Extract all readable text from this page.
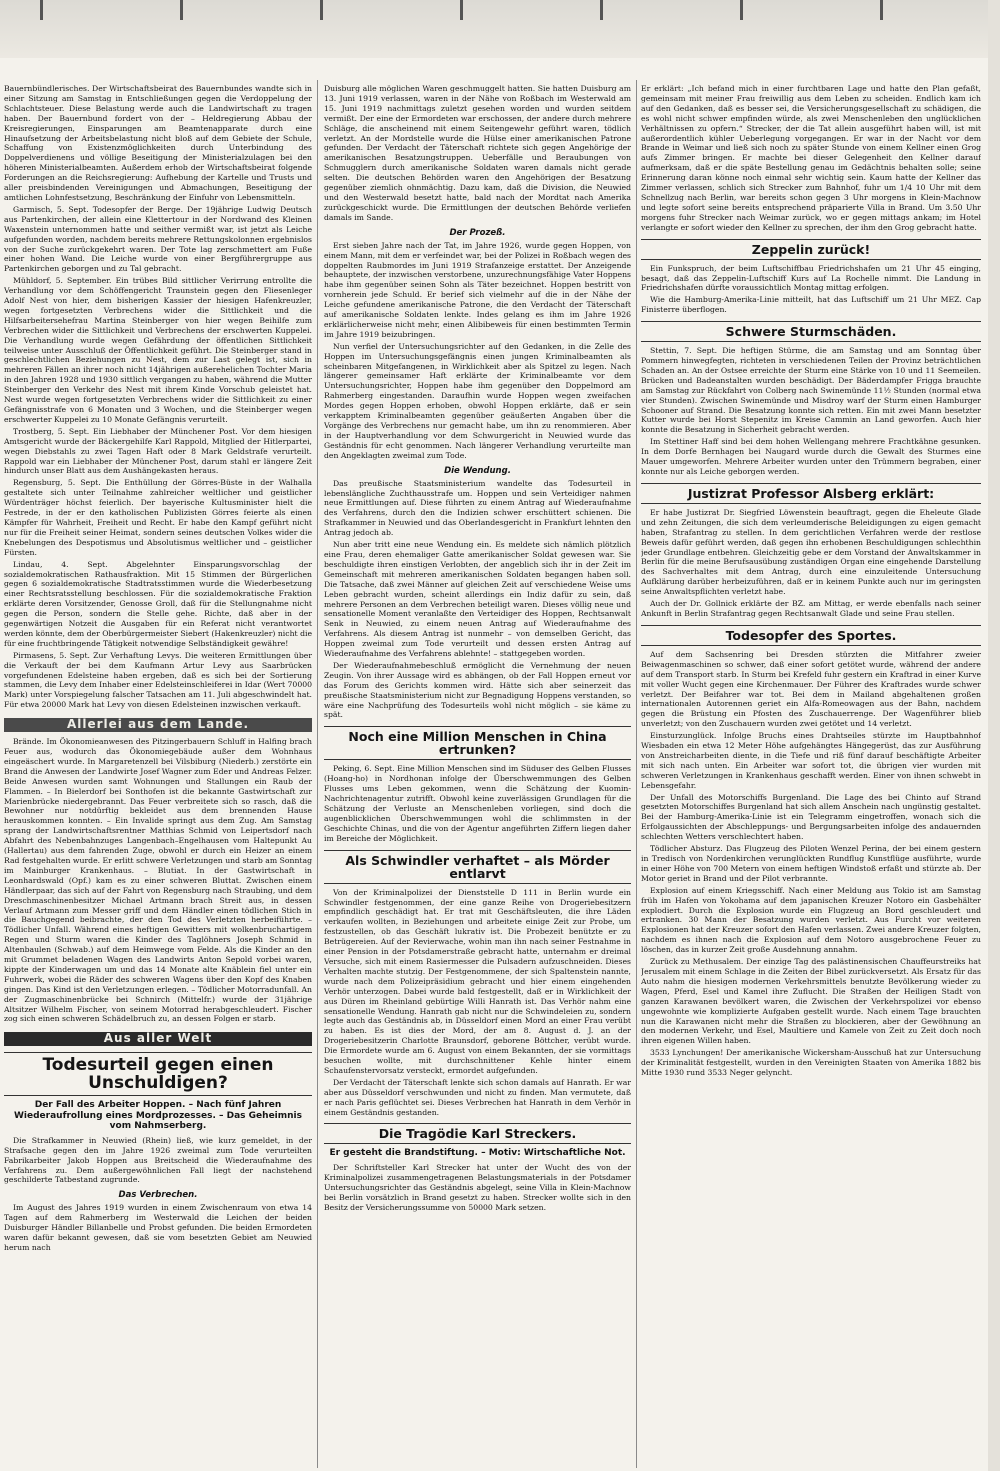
Bauernbündlerisches. Der Wirtschaftsbeirat des Bauernbundes wandte sich in einer Sitzung am Samstag in Entschließungen gegen die Verdoppelung der Schlachtsteuer. Diese Belastung werde auch die Landwirtschaft zu tragen haben. Der Bauernbund fordert von der – Heldregierung Abbau der Kreisregierungen, Einsparungen am Beamtenapparate durch eine Hinaufsetzung der Arbeitsbelastung nicht bloß auf dem Gebiete der Schule, Schaffung von Existenzmöglichkeiten durch Unterbindung des Doppelverdienens und völlige Beseitigung der Ministerialzulagen bei den höheren Ministerialbeamten. Außerdem erhob der Wirtschaftsbeirat folgende Forderungen an die Reichsregierung: Aufhebung der Kartelle und Trusts und aller preisbindenden Vereinigungen und Abmachungen, Beseitigung der amtlichen Lohnfestsetzung, Beschränkung der Einfuhr von Lebensmitteln.

Garmisch, 5. Sept. Todesopfer der Berge. Der 19jährige Ludwig Deutsch aus Partenkirchen, der allein eine Klettertour in der Nordwand des Kleinen Waxenstein unternommen hatte und seither vermißt war, ist jetzt als Leiche aufgefunden worden, nachdem bereits mehrere Rettungskolonnen ergebnislos von der Suche zurückgekehrt waren. Der Tote lag zerschmettert am Fuße einer hohen Wand. Die Leiche wurde von einer Bergführergruppe aus Partenkirchen geborgen und zu Tal gebracht.

Mühldorf, 5. September. Ein trübes Bild sittlicher Verirrung entrollte die Verhandlung vor dem Schöffengericht Traunstein gegen den Fliesenleger Adolf Nest von hier, dem bisherigen Kassier der hiesigen Hafenkreuzler, wegen fortgesetzten Verbrechens wider die Sittlichkeit und die Hilfsarbeitersehefrau Martina Steinberger von hier wegen Beihilfe zum Verbrechen wider die Sittlichkeit und Verbrechens der erschwerten Kuppelei. Die Verhandlung wurde wegen Gefährdung der öffentlichen Sittlichkeit teilweise unter Ausschluß der Öffentlichkeit geführt. Die Steinberger stand in geschlechtlichen Beziehungen zu Nest, dem zur Last gelegt ist, sich in mehreren Fällen an ihrer noch nicht 14jährigen außerehelichen Tochter Maria in den Jahren 1928 und 1930 sittlich vergangen zu haben, während die Mutter Steinberger den Verkehr des Nest mit ihrem Kinde Vorschub geleistet hat. Nest wurde wegen fortgesetzten Verbrechens wider die Sittlichkeit zu einer Gefängnisstrafe von 6 Monaten und 3 Wochen, und die Steinberger wegen erschwerter Kuppelei zu 10 Monate Gefängnis verurteilt.

Trostberg, 5. Sept. Ein Liebhaber der Münchener Post. Vor dem hiesigen Amtsgericht wurde der Bäckergehilfe Karl Rappold, Mitglied der Hitlerpartei, wegen Diebstahls zu zwei Tagen Haft oder 8 Mark Geldstrafe verurteilt. Rappold war ein Liebhaber der Münchener Post, darum stahl er längere Zeit hindurch unser Blatt aus dem Aushängekasten heraus.

Regensburg, 5. Sept. Die Enthüllung der Görres-Büste in der Walhalla gestaltete sich unter Teilnahme zahlreicher weltlicher und geistlicher Würdenträger höchst feierlich. Der bayerische Kultusminister hielt die Festrede, in der er den katholischen Publizisten Görres feierte als einen Kämpfer für Wahrheit, Freiheit und Recht. Er habe den Kampf geführt nicht nur für die Freiheit seiner Heimat, sondern seines deutschen Volkes wider die Knebelungen des Despotismus und Absolutismus weltlicher und – geistlicher Fürsten.

Lindau, 4. Sept. Abgelehnter Einsparungsvorschlag der sozialdemokratischen Rathausfraktion. Mit 15 Stimmen der Bürgerlichen gegen 6 sozialdemokratische Stadtratsstimmen wurde die Wiederbesetzung einer Rechtsratsstellung beschlossen. Für die sozialdemokratische Fraktion erklärte deren Vorsitzender, Genosse Groll, daß für die Stellungnahme nicht gegen die Person, sondern die Stelle gehe. Richte, daß aber in der gegenwärtigen Notzeit die Ausgaben für ein Referat nicht verantwortet werden könnte, dem der Oberbürgermeister Siebert (Hakenkreuzler) nicht die für eine fruchtbringende Tätigkeit notwendige Selbständigkeit gewähre!

Pirmasens, 5. Sept. Zur Verhaftung Levys. Die weiteren Ermittlungen über die Verkauft der bei dem Kaufmann Artur Levy aus Saarbrücken vorgefundenen Edelsteine haben ergeben, daß es sich bei der Sortierung stammen, die Levy dem Inhaber einer Edelsteinschleiferei in Idar (Wert 70000 Mark) unter Vorspiegelung falscher Tatsachen am 11. Juli abgeschwindelt hat. Für etwa 20000 Mark hat Levy von diesen Edelsteinen inzwischen verkauft.

Allerlei aus dem Lande.

Brände. Im Ökonomieanwesen des Pitzingerbauern Schluff in Halfing brach Feuer aus, wodurch das Ökonomiegebäude außer dem Wohnhaus eingeäschert wurde. In Margaretenzell bei Vilsbiburg (Niederb.) zerstörte ein Brand die Anwesen der Landwirte Josef Wagner zum Eder und Andreas Felzer. Beide Anwesen wurden samt Wohnungen und Stallungen ein Raub der Flammen. – In Bielerdorf bei Sonthofen ist die bekannte Gastwirtschaft zur Marienbrücke niedergebrannt. Das Feuer verbreitete sich so rasch, daß die Bewohner nur notdürftig bekleidet aus dem brennenden Hause herauskommen konnten. – Ein Invalide springt aus dem Zug. Am Samstag sprang der Landwirtschaftsrentner Matthias Schmid von Leipertsdorf nach Abfahrt des Nebenbahnzuges Langenbach–Engelhausen vom Haltepunkt Au (Hallertau) aus dem fahrenden Zuge, obwohl er durch ein Heizer an einem Rad festgehalten wurde. Er erlitt schwere Verletzungen und starb am Sonntag im Mainburger Krankenhaus. – Blutiat. In der Gastwirtschaft in Leonhardswald (Opf.) kam es zu einer schweren Bluttat. Zwischen einem Händlerpaar, das sich auf der Fahrt von Regensburg nach Straubing, und dem Dreschmaschinenbesitzer Michael Artmann brach Streit aus, in dessen Verlauf Artmann zum Messer griff und dem Händler einen tödlichen Stich in die Bauchgegend beibrachte, der den Tod des Verletzten herbeiführte. – Tödlicher Unfall. Während eines heftigen Gewitters mit wolkenbruchartigem Regen und Sturm waren die Kinder des Taglöhners Joseph Schmid in Altenbaulen (Schwab.) auf dem Heimwege vom Felde. Als die Kinder an den mit Grummet beladenen Wagen des Landwirts Anton Sepold vorbei waren, kippte der Kinderwagen um und das 14 Monate alte Knäblein fiel unter ein Fuhrwerk, wobei die Räder des schweren Wagens über den Kopf des Knaben gingen. Das Kind ist den Verletzungen erlegen. – Tödlicher Motorradunfall. An der Zugmaschinenbrücke bei Schnirch (Mittelfr.) wurde der 31jährige Altsitzer Wilhelm Fischer, von seinem Motorrad herabgeschleudert. Fischer zog sich einen schweren Schädelbruch zu, an dessen Folgen er starb.

Aus aller Welt
Todesurteil gegen einen Unschuldigen?
Der Fall des Arbeiter Hoppen. – Nach fünf Jahren Wiederaufrollung eines Mordprozesses. – Das Geheimnis vom Nahmserberg.

Die Strafkammer in Neuwied (Rhein) ließ, wie kurz gemeldet, in der Strafsache gegen den im Jahre 1926 zweimal zum Tode verurteilten Fabrikarbeiter Jakob Hoppen aus Breitscheid die Wiederaufnahme des Verfahrens zu. Dem außergewöhnlichen Fall liegt der nachstehend geschilderte Tatbestand zugrunde.

Das Verbrechen.

Im August des Jahres 1919 wurden in einem Zwischenraum von etwa 14 Tagen auf dem Rahmerberg im Westerwald die Leichen der beiden Duisburger Händler Billanbelle und Probst gefunden. Die beiden Ermordeten waren dafür bekannt gewesen, daß sie vom besetzten Gebiet am Neuwied herum nach

Duisburg alle möglichen Waren geschmuggelt hatten. Sie hatten Duisburg am 13. Juni 1919 verlassen, waren in der Nähe von Roßbach im Westerwald am 15. Juni 1919 nachmittags zuletzt gesehen worden und wurden seitdem vermißt. Der eine der Ermordeten war erschossen, der andere durch mehrere Schläge, die anscheinend mit einem Seitengewehr geführt waren, tödlich verletzt. An der Mordstelle wurde die Hülse einer amerikanischen Patrone gefunden. Der Verdacht der Täterschaft richtete sich gegen Angehörige der amerikanischen Besatzungstruppen. Ueberfälle und Beraubungen von Schmugglern durch amerikanische Soldaten waren damals nicht gerade selten. Die deutschen Behörden waren den Angehörigen der Besatzung gegenüber ziemlich ohnmächtig. Dazu kam, daß die Division, die Neuwied und den Westerwald besetzt hatte, bald nach der Mordtat nach Amerika zurückgeschickt wurde. Die Ermittlungen der deutschen Behörde verliefen damals im Sande.

Der Prozeß.

Erst sieben Jahre nach der Tat, im Jahre 1926, wurde gegen Hoppen, von einem Mann, mit dem er verfeindet war, bei der Polizei in Roßbach wegen des doppelten Raubmordes im Juni 1919 Strafanzeige erstattet. Der Anzeigende behauptete, der inzwischen verstorbene, unzurechnungsfähige Vater Hoppens habe ihm gegenüber seinen Sohn als Täter bezeichnet. Hoppen bestritt von vornherein jede Schuld. Er berief sich vielmehr auf die in der Nähe der Leiche gefundene amerikanische Patrone, die den Verdacht der Täterschaft auf amerikanische Soldaten lenkte. Indes gelang es ihm im Jahre 1926 erklärlicherweise nicht mehr, einen Alibibeweis für einen bestimmten Termin im Jahre 1919 beizubringen.

Nun verfiel der Untersuchungsrichter auf den Gedanken, in die Zelle des Hoppen im Untersuchungsgefängnis einen jungen Kriminalbeamten als scheinbaren Mitgefangenen, in Wirklichkeit aber als Spitzel zu legen. Nach längerer gemeinsamer Haft erklärte der Kriminalbeamte vor dem Untersuchungsrichter, Hoppen habe ihm gegenüber den Doppelmord am Rahmerberg eingestanden. Daraufhin wurde Hoppen wegen zweifachen Mordes gegen Hoppen erhoben, obwohl Hoppen erklärte, daß er sein verkapptem Kriminalbeamten gegenüber geäußerten Angaben über die Vorgänge des Verbrechens nur gemacht habe, um ihn zu renommieren. Aber in der Hauptverhandlung vor dem Schwurgericht in Neuwied wurde das Geständnis für echt genommen. Nach längerer Verhandlung verurteilte man den Angeklagten zweimal zum Tode.

Die Wendung.

Das preußische Staatsministerium wandelte das Todesurteil in lebenslängliche Zuchthausstrafe um. Hoppen und sein Verteidiger nahmen neue Ermittlungen auf. Diese führten zu einem Antrag auf Wiederaufnahme des Verfahrens, durch den die Indizien schwer erschüttert schienen. Die Strafkammer in Neuwied und das Oberlandesgericht in Frankfurt lehnten den Antrag jedoch ab.

Nun aber tritt eine neue Wendung ein. Es meldete sich nämlich plötzlich eine Frau, deren ehemaliger Gatte amerikanischer Soldat gewesen war. Sie beschuldigte ihren einstigen Verlobten, der angeblich sich ihr in der Zeit im Gemeinschaft mit mehreren amerikanischen Soldaten begangen haben soll. Die Tatsache, daß zwei Männer auf gleichen Zeit auf verschiedene Weise ums Leben gebracht wurden, scheint allerdings ein Indiz dafür zu sein, daß mehrere Personen an dem Verbrechen beteiligt waren. Dieses völlig neue und sensationelle Moment veranlaßte den Verteidiger des Hoppen, Rechtsanwalt Senk in Neuwied, zu einem neuen Antrag auf Wiederaufnahme des Verfahrens. Als diesem Antrag ist nunmehr – von demselben Gericht, das Hoppen zweimal zum Tode verurteilt und dessen ersten Antrag auf Wiederaufnahme des Verfahrens ablehnte! – stattgegeben worden.

Der Wiederaufnahmebeschluß ermöglicht die Vernehmung der neuen Zeugin. Von ihrer Aussage wird es abhängen, ob der Fall Hoppen erneut vor das Forum des Gerichts kommen wird. Hätte sich aber seinerzeit das preußische Staatsministerium nicht zur Begnadigung Hoppens verstanden, so wäre eine Nachprüfung des Todesurteils wohl nicht möglich – sie käme zu spät.

Noch eine Million Menschen in China ertrunken?

Peking, 6. Sept. Eine Million Menschen sind im Süduser des Gelben Flusses (Hoang-ho) in Nordhonan infolge der Überschwemmungen des Gelben Flusses ums Leben gekommen, wenn die Schätzung der Kuomin-Nachrichtenagentur zutrifft. Obwohl keine zuverlässigen Grundlagen für die Schätzung der Verluste an Menschenleben vorliegen, sind doch die augenblicklichen Überschwemmungen wohl die schlimmsten in der Geschichte Chinas, und die von der Agentur angeführten Ziffern liegen daher im Bereiche der Möglichkeit.

Als Schwindler verhaftet – als Mörder entlarvt

Von der Kriminalpolizei der Dienststelle D 111 in Berlin wurde ein Schwindler festgenommen, der eine ganze Reihe von Drogeriebesitzern empfindlich geschädigt hat. Er trat mit Geschäftsleuten, die ihre Läden verkaufen wollten, in Beziehungen und arbeitete einige Zeit zur Probe, um festzustellen, ob das Geschäft lukrativ ist. Die Probezeit benützte er zu Betrügereien. Auf der Revierwache, wohin man ihn nach seiner Festnahme in einer Pension in der Potsdamerstraße gebracht hatte, unternahm er dreimal Versuche, sich mit einem Rasiermesser die Pulsadern aufzuschneiden. Dieses Verhalten machte stutzig. Der Festgenommene, der sich Spaltenstein nannte, wurde nach dem Polizeipräsidium gebracht und hier einem eingehenden Verhör unterzogen. Dabei wurde bald festgestellt, daß er in Wirklichkeit der aus Düren im Rheinland gebürtige Willi Hanrath ist. Das Verhör nahm eine sensationelle Wendung. Hanrath gab nicht nur die Schwindeleien zu, sondern legte auch das Geständnis ab, in Düsseldorf einen Mord an einer Frau verübt zu haben. Es ist dies der Mord, der am 8. August d. J. an der Drogeriebesitzerin Charlotte Braunsdorf, geborene Böttcher, verübt wurde. Die Ermordete wurde am 6. August von einem Bekannten, der sie vormittags besuchen wollte, mit durchschnittener Kehle hinter einem Schaufenstervorsatz versteckt, ermordet aufgefunden.

Der Verdacht der Täterschaft lenkte sich schon damals auf Hanrath. Er war aber aus Düsseldorf verschwunden und nicht zu finden. Man vermutete, daß er nach Paris geflüchtet sei. Dieses Verbrechen hat Hanrath in dem Verhör in einem Geständnis gestanden.

Die Tragödie Karl Streckers.
Er gesteht die Brandstiftung. – Motiv: Wirtschaftliche Not.

Der Schriftsteller Karl Strecker hat unter der Wucht des von der Kriminalpolizei zusammengetragenen Belastungsmaterials in der Potsdamer Untersuchungsrichter das Geständnis abgelegt, seine Villa in Klein-Machnow bei Berlin vorsätzlich in Brand gesetzt zu haben. Strecker wollte sich in den Besitz der Versicherungssumme von 50000 Mark setzen.

Er erklärt: „Ich befand mich in einer furchtbaren Lage und hatte den Plan gefaßt, gemeinsam mit meiner Frau freiwillig aus dem Leben zu scheiden. Endlich kam ich auf den Gedanken, daß es besser sei, die Versicherungsgesellschaft zu schädigen, die es wohl nicht schwer empfinden würde, als zwei Menschenleben den unglücklichen Verhältnissen zu opfern.“ Strecker, der die Tat allein ausgeführt haben will, ist mit außerordentlich kühler Ueberlegung vorgegangen. Er war in der Nacht vor dem Brande in Weimar und ließ sich noch zu später Stunde von einem Kellner einen Grog aufs Zimmer bringen. Er machte bei dieser Gelegenheit den Kellner darauf aufmerksam, daß er die späte Bestellung genau im Gedächtnis behalten solle; seine Erinnerung daran könne noch einmal sehr wichtig sein. Kaum hatte der Kellner das Zimmer verlassen, schlich sich Strecker zum Bahnhof, fuhr um 1/4 10 Uhr mit dem Schnellzug nach Berlin, war bereits schon gegen 3 Uhr morgens in Klein-Machnow und legte sofort seine bereits entsprechend präparierte Villa in Brand. Um 3.50 Uhr morgens fuhr Strecker nach Weimar zurück, wo er gegen mittags ankam; im Hotel verlangte er sofort wieder den Kellner zu sprechen, der ihm den Grog gebracht hatte.

Zeppelin zurück!

Ein Funkspruch, der beim Luftschiffbau Friedrichshafen um 21 Uhr 45 einging, besagt, daß das Zeppelin-Luftschiff Kurs auf La Rochelle nimmt. Die Landung in Friedrichshafen dürfte voraussichtlich Montag mittag erfolgen.

Wie die Hamburg-Amerika-Linie mitteilt, hat das Luftschiff um 21 Uhr MEZ. Cap Finisterre überflogen.

Schwere Sturmschäden.

Stettin, 7. Sept. Die heftigen Stürme, die am Samstag und am Sonntag über Pommern hinwegfegten, richteten in verschiedenen Teilen der Provinz beträchtlichen Schaden an. An der Ostsee erreichte der Sturm eine Stärke von 10 und 11 Seemeilen. Brücken und Badeanstalten wurden beschädigt. Der Bäderdampfer Frigga brauchte am Samstag zur Rückfahrt von Colberg nach Swinemünde 11½ Stunden (normal etwa vier Stunden). Zwischen Swinemünde und Misdroy warf der Sturm einen Hamburger Schooner auf Strand. Die Besatzung konnte sich retten. Ein mit zwei Mann besetzter Kutter wurde bei Horst Stepenitz im Kreise Cammin an Land geworfen. Auch hier konnte die Besatzung in Sicherheit gebracht werden.

Im Stettiner Haff sind bei dem hohen Wellengang mehrere Frachtkähne gesunken. In dem Dorfe Bernhagen bei Naugard wurde durch die Gewalt des Sturmes eine Mauer umgeworfen. Mehrere Arbeiter wurden unter den Trümmern begraben, einer konnte nur als Leiche geborgen werden.

Justizrat Professor Alsberg erklärt:

Er habe Justizrat Dr. Siegfried Löwenstein beauftragt, gegen die Eheleute Glade und zehn Zeitungen, die sich dem verleumderische Beleidigungen zu eigen gemacht haben, Strafantrag zu stellen. In dem gerichtlichen Verfahren werde der restlose Beweis dafür geführt werden, daß gegen ihn erhobenen Beschuldigungen schlechthin jeder Grundlage entbehren. Gleichzeitig gebe er dem Vorstand der Anwaltskammer in Berlin für die meine Berufsausübung zuständigen Organ eine eingehende Darstellung des Sachverhaltes mit dem Antrag, durch eine einzuleitende Untersuchung Aufklärung darüber herbeizuführen, daß er in keinem Punkte auch nur im geringsten seine Anwaltspflichten verletzt habe.

Auch der Dr. Gollnick erklärte der BZ. am Mittag, er werde ebenfalls nach seiner Ankunft in Berlin Strafantrag gegen Rechtsanwalt Glade und seine Frau stellen.

Todesopfer des Sportes.

Auf dem Sachsenring bei Dresden stürzten die Mitfahrer zweier Beiwagenmaschinen so schwer, daß einer sofort getötet wurde, während der andere auf dem Transport starb. In Sturm bei Krefeld fuhr gestern ein Kraftrad in einer Kurve mit voller Wucht gegen eine Kirchenmauer. Der Führer des Kraftrades wurde schwer verletzt. Der Beifahrer war tot. Bei dem in Mailand abgehaltenen großen internationalen Autorennen geriet ein Alfa-Romeowagen aus der Bahn, nachdem gegen die Brüstung ein Pfosten des Zuschauerrenge. Der Wagenführer blieb unverletzt; von den Zuschauern wurden zwei getötet und 14 verletzt.

Einsturzunglück. Infolge Bruchs eines Drahtseiles stürzte im Hauptbahnhof Wiesbaden ein etwa 12 Meter Höhe aufgehängtes Hängegerüst, das zur Ausführung von Anstreicharbeiten diente, in die Tiefe und riß fünf darauf beschäftigte Arbeiter mit sich nach unten. Ein Arbeiter war sofort tot, die übrigen vier wurden mit schweren Verletzungen in Krankenhaus geschafft werden. Einer von ihnen schwebt in Lebensgefahr.

Der Unfall des Motorschiffs Burgenland. Die Lage des bei Chinto auf Strand gesetzten Motorschiffes Burgenland hat sich allem Anschein nach ungünstig gestaltet. Bei der Hamburg-Amerika-Linie ist ein Telegramm eingetroffen, wonach sich die Erfolgaussichten der Abschleppungs- und Bergungsarbeiten infolge des andauernden schlechten Wetters verschlechtert haben.

Tödlicher Absturz. Das Flugzeug des Piloten Wenzel Perina, der bei einem gestern in Tredisch von Nordenkirchen verunglückten Rundflug Kunstflüge ausführte, wurde in einer Höhe von 700 Metern von einem heftigen Windstoß erfaßt und stürzte ab. Der Motor geriet in Brand und der Pilot verbrannte.

Explosion auf einem Kriegsschiff. Nach einer Meldung aus Tokio ist am Samstag früh im Hafen von Yokohama auf dem japanischen Kreuzer Notoro ein Gasbehälter explodiert. Durch die Explosion wurde ein Flugzeug an Bord geschleudert und ertranken. 30 Mann der Besatzung wurden verletzt. Aus Furcht vor weiteren Explosionen hat der Kreuzer sofort den Hafen verlassen. Zwei andere Kreuzer folgten, nachdem es ihnen nach die Explosion auf dem Notoro ausgebrochene Feuer zu löschen, das in kurzer Zeit große Ausdehnung annahm.

Zurück zu Methusalem. Der einzige Tag des palästinensischen Chauffeurstreiks hat Jerusalem mit einem Schlage in die Zeiten der Bibel zurückversetzt. Als Ersatz für das Auto nahm die hiesigen modernen Verkehrsmittels benutzte Bevölkerung wieder zu Wagen, Pferd, Esel und Kamel ihre Zuflucht. Die Straßen der Heiligen Stadt von ganzen Karawanen bevölkert waren, die Zwischen der Verkehrspolizei vor ebenso ungewohnte wie komplizierte Aufgaben gestellt wurde. Nach einem Tage brauchten nun die Karawanen nicht mehr die Straßen zu blockieren, aber der Gewöhnung an den modernen Verkehr, und Esel, Maultiere und Kamele von Zeit zu Zeit doch noch ihren eigenen Willen haben.

3533 Lynchungen! Der amerikanische Wickersham-Ausschuß hat zur Untersuchung der Kriminalität festgestellt, wurden in den Vereinigten Staaten von Amerika 1882 bis Mitte 1930 rund 3533 Neger gelyncht.
